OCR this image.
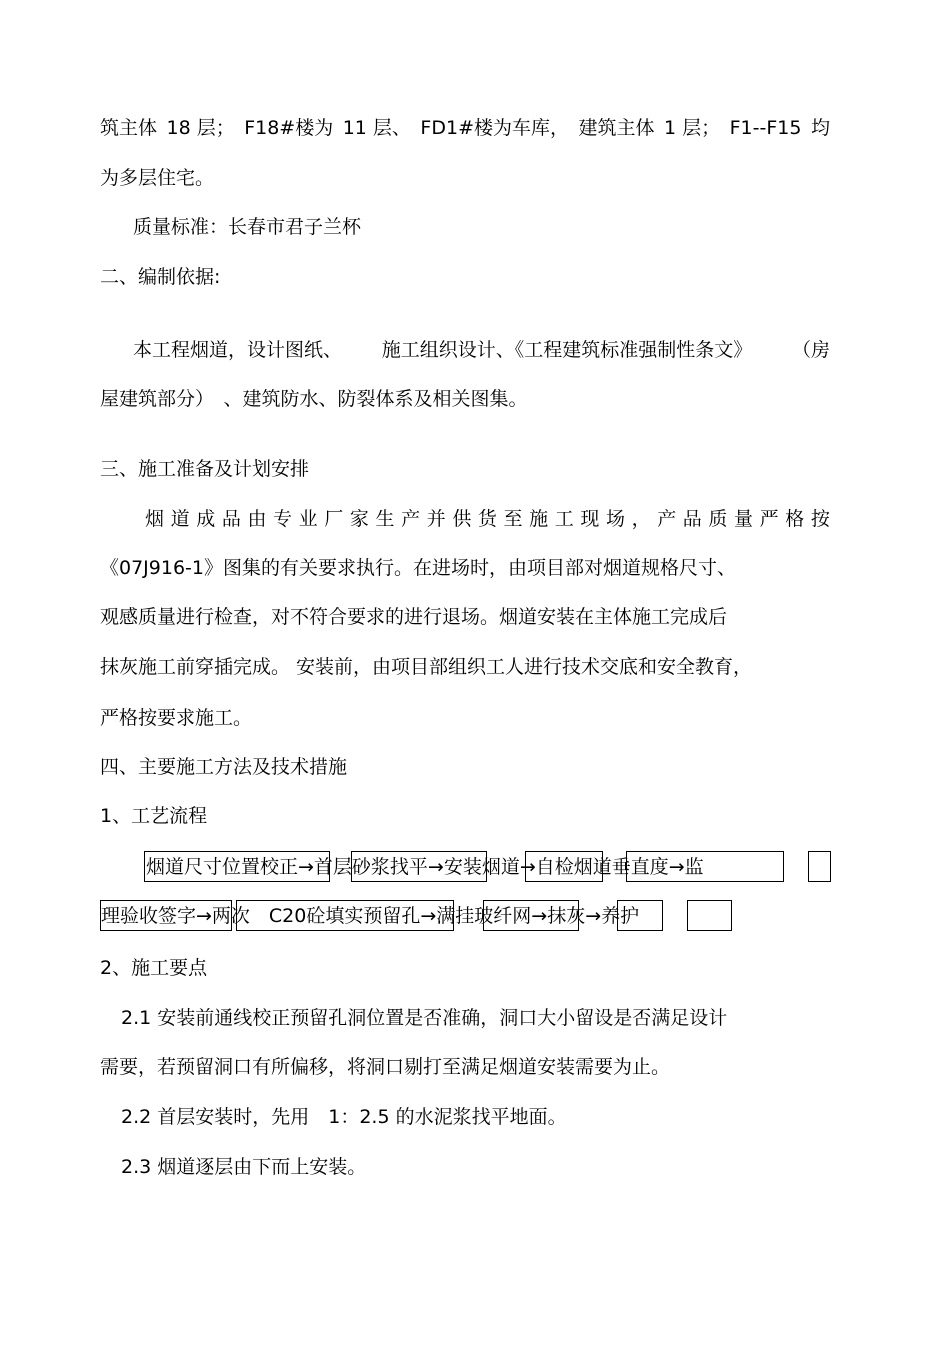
筑主体 18 层； F18#楼为 11 层、 FD1#楼为车库， 建筑主体 1 层； F1--F15 均
为多层住宅。
质量标准：长春市君子兰杯
二、编制依据:
本工程烟道，设计图纸、 施工组织设计、《工程建筑标准强制性条文》 （房
屋建筑部分）　、建筑防水、防裂体系及相关图集。
三、施工准备及计划安排
烟 道 成 品 由 专 业 厂 家 生 产 并 供 货 至 施 工 现 场 ， 产 品 质 量 严 格 按
《07J916-1》图集的有关要求执行。在进场时，由项目部对烟道规格尺寸、
观感质量进行检查，对不符合要求的进行退场。烟道安装在主体施工完成后
抹灰施工前穿插完成。 安装前，由项目部组织工人进行技术交底和安全教育，
严格按要求施工。
四、主要施工方法及技术措施
1、工艺流程
烟道尺寸位置校正→首层砂浆找平→安装烟道→自检烟道垂直度→监
理验收签字→两次　C20砼填实预留孔→满挂玻纤网→抹灰→养护
2、施工要点
2.1 安装前通线校正预留孔洞位置是否准确，洞口大小留设是否满足设计
需要，若预留洞口有所偏移，将洞口剔打至满足烟道安装需要为止。
2.2 首层安装时，先用　1：2.5 的水泥浆找平地面。
2.3 烟道逐层由下而上安装。
